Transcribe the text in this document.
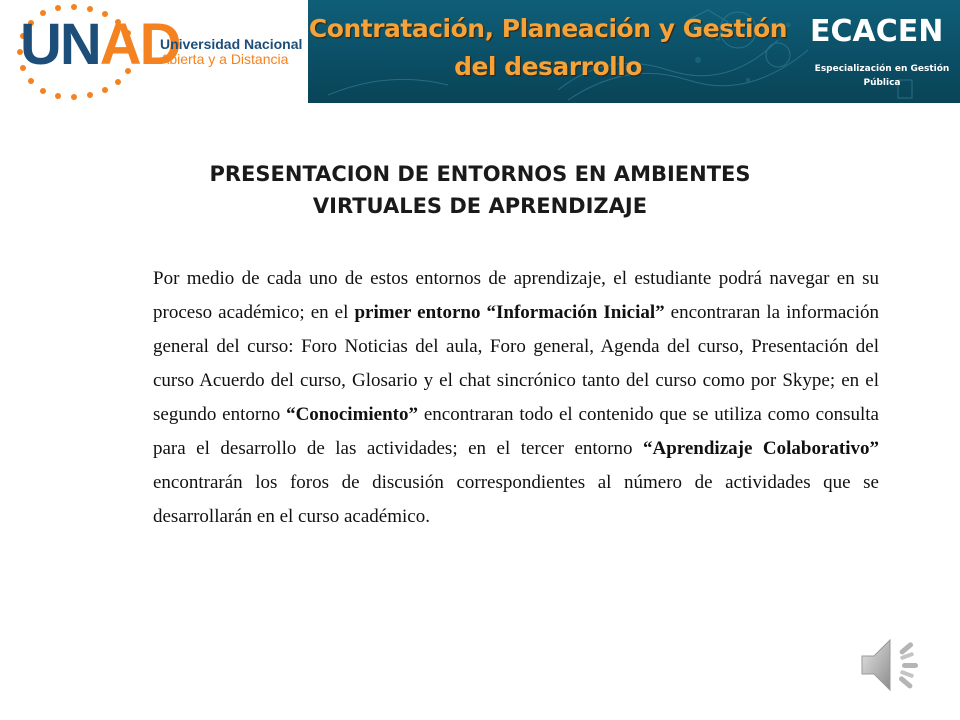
UNAD
Universidad Nacional
Abierta y a Distancia
Contratación, Planeación y Gestión
del desarrollo
ECACEN
Especialización en Gestión
Pública
PRESENTACION DE ENTORNOS EN AMBIENTES
VIRTUALES DE APRENDIZAJE
Por medio de cada uno de estos entornos de aprendizaje, el estudiante podrá navegar en su proceso académico; en el primer entorno “Información Inicial” encontraran la información general del curso: Foro Noticias del aula, Foro general, Agenda del curso, Presentación del curso Acuerdo del curso, Glosario y el chat sincrónico tanto del curso como por Skype; en el segundo entorno “Conocimiento” encontraran todo el contenido que se utiliza como consulta para el desarrollo de las actividades; en el tercer entorno “Aprendizaje Colaborativo” encontrarán los foros de discusión correspondientes al número de actividades que se desarrollarán en el curso académico.
